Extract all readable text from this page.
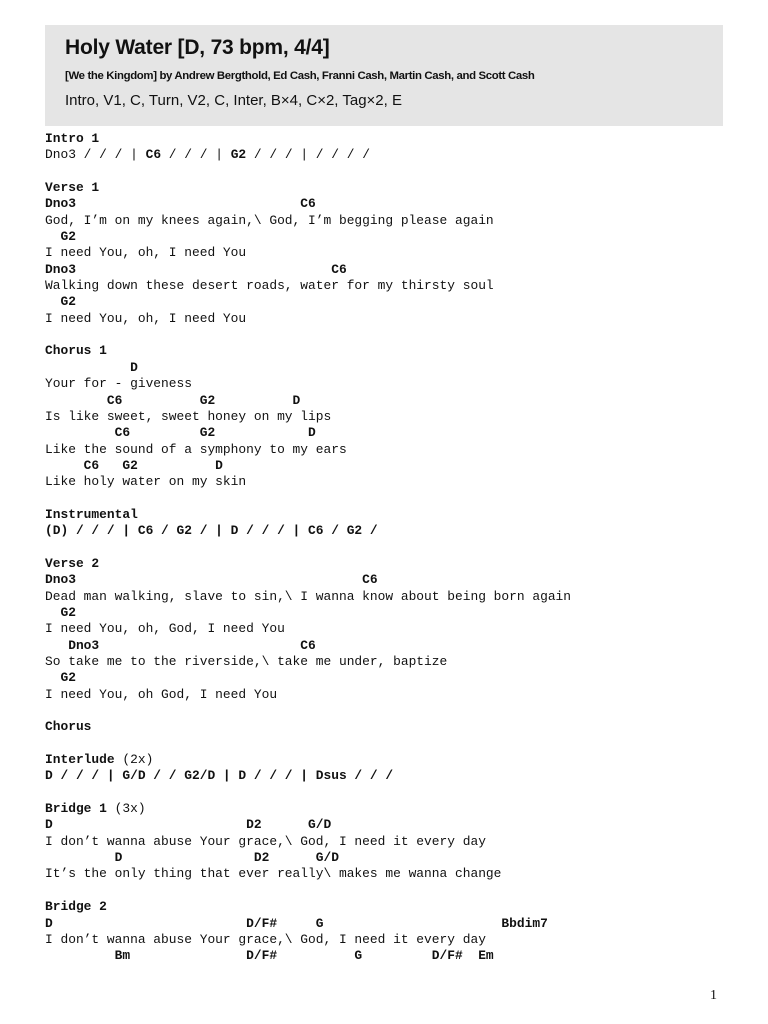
Holy Water [D, 73 bpm, 4/4]
[We the Kingdom] by Andrew Bergthold, Ed Cash, Franni Cash, Martin Cash, and Scott Cash
Intro, V1, C, Turn, V2, C, Inter, B×4, C×2, Tag×2, E
Intro 1
Dno3 / / / | C6 / / / | G2 / / / | / / / /
Verse 1
Dno3                             C6
God, I’m on my knees again,\ God, I’m begging please again
G2
I need You, oh, I need You
Dno3                                 C6
Walking down these desert roads, water for my thirsty soul
G2
I need You, oh, I need You
Chorus 1
D
Your for - giveness
C6          G2          D
Is like sweet, sweet honey on my lips
C6         G2            D
Like the sound of a symphony to my ears
C6   G2          D
Like holy water on my skin
Instrumental
(D) / / / | C6 / G2 / | D / / / | C6 / G2 /
Verse 2
Dno3                                     C6
Dead man walking, slave to sin,\ I wanna know about being born again
G2
I need You, oh, God, I need You
Dno3                          C6
So take me to the riverside,\ take me under, baptize
G2
I need You, oh God, I need You
Chorus
Interlude (2x)
D / / / | G/D / / G2/D | D / / / | Dsus / / /
Bridge 1 (3x)
D                         D2      G/D
I don’t wanna abuse Your grace,\ God, I need it every day
D                 D2      G/D
It’s the only thing that ever really\ makes me wanna change
Bridge 2
D                         D/F#     G                       Bbdim7
I don’t wanna abuse Your grace,\ God, I need it every day
Bm               D/F#          G         D/F#  Em
1
